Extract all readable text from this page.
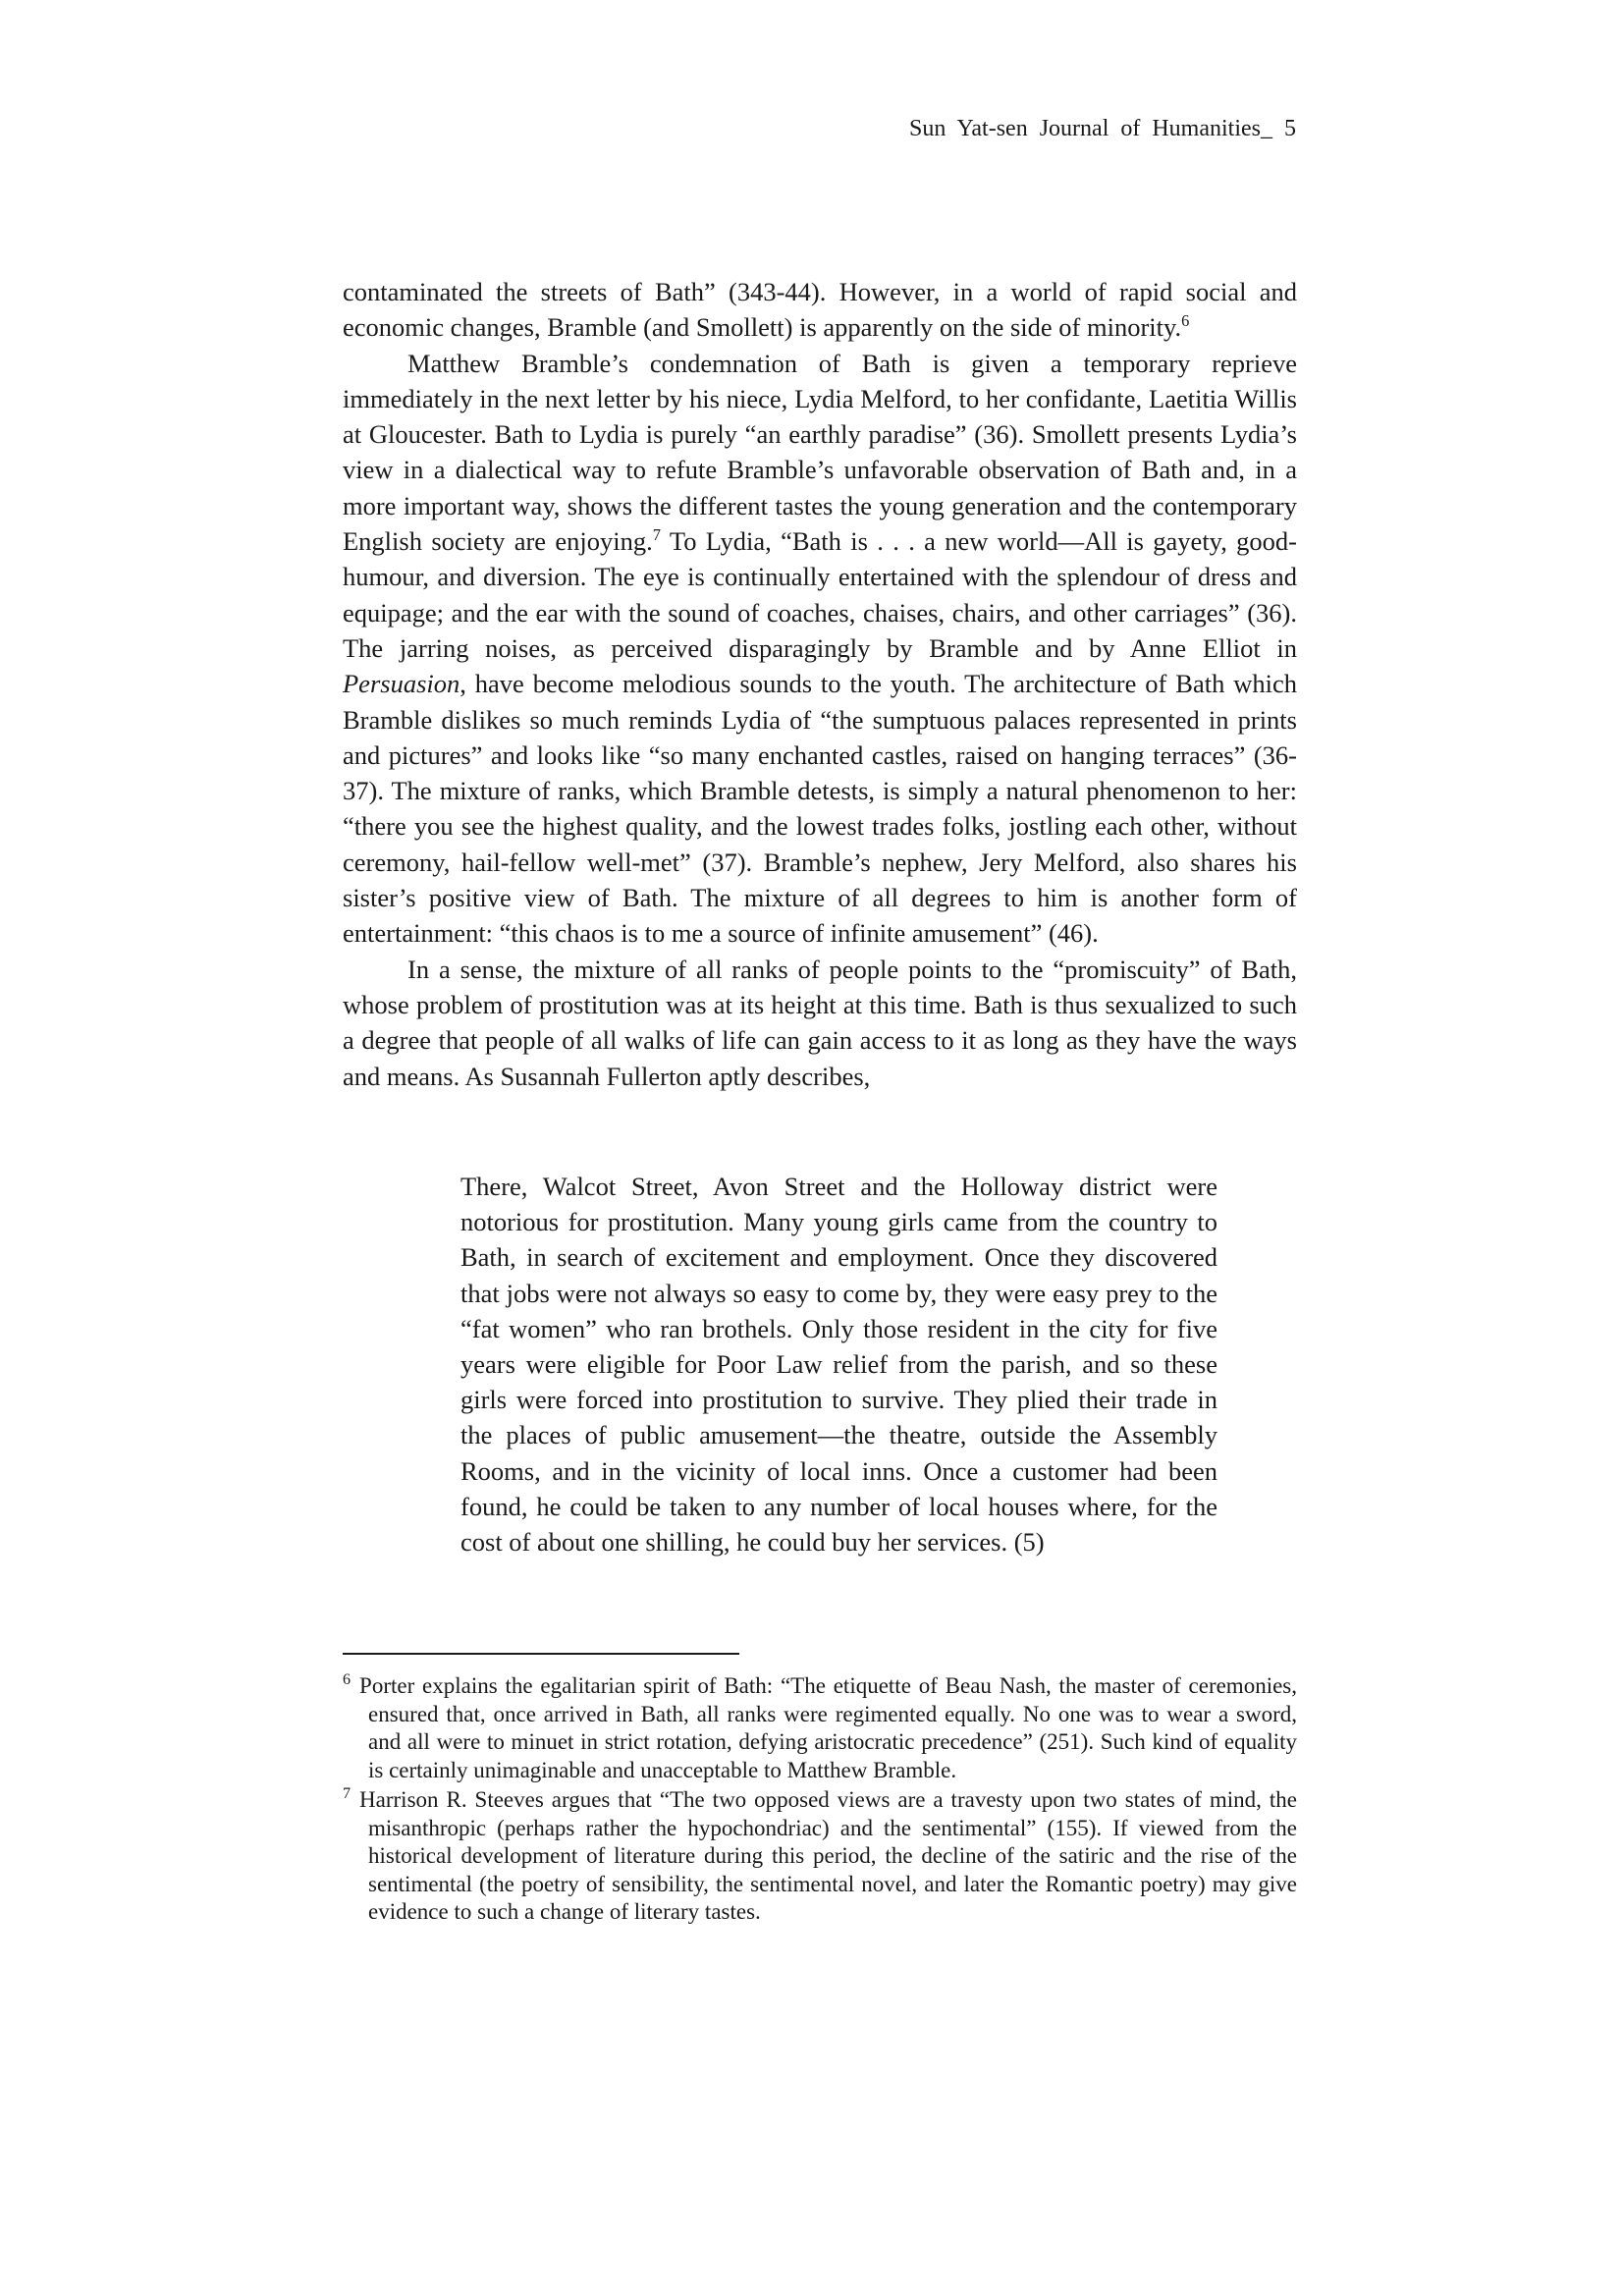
Sun Yat-sen Journal of Humanities_ 5

contaminated the streets of Bath” (343-44). However, in a world of rapid social and economic changes, Bramble (and Smollett) is apparently on the side of minority.$^6$

Matthew Bramble’s condemnation of Bath is given a temporary reprieve immediately in the next letter by his niece, Lydia Melford, to her confidante, Laetitia Willis at Gloucester. Bath to Lydia is purely “an earthly paradise” (36). Smollett presents Lydia’s view in a dialectical way to refute Bramble’s unfavorable observation of Bath and, in a more important way, shows the different tastes the young generation and the contemporary English society are enjoying.$^7$ To Lydia, “Bath is . . . a new world—All is gayety, good-humour, and diversion. The eye is continually entertained with the splendour of dress and equipage; and the ear with the sound of coaches, chaises, chairs, and other carriages” (36). The jarring noises, as perceived disparagingly by Bramble and by Anne Elliot in Persuasion, have become melodious sounds to the youth. The architecture of Bath which Bramble dislikes so much reminds Lydia of “the sumptuous palaces represented in prints and pictures” and looks like “so many enchanted castles, raised on hanging terraces” (36-37). The mixture of ranks, which Bramble detests, is simply a natural phenomenon to her: “there you see the highest quality, and the lowest trades folks, jostling each other, without ceremony, hail-fellow well-met” (37). Bramble’s nephew, Jery Melford, also shares his sister’s positive view of Bath. The mixture of all degrees to him is another form of entertainment: “this chaos is to me a source of infinite amusement” (46).

In a sense, the mixture of all ranks of people points to the “promiscuity” of Bath, whose problem of prostitution was at its height at this time. Bath is thus sexualized to such a degree that people of all walks of life can gain access to it as long as they have the ways and means. As Susannah Fullerton aptly describes,

There, Walcot Street, Avon Street and the Holloway district were notorious for prostitution. Many young girls came from the country to Bath, in search of excitement and employment. Once they discovered that jobs were not always so easy to come by, they were easy prey to the “fat women” who ran brothels. Only those resident in the city for five years were eligible for Poor Law relief from the parish, and so these girls were forced into prostitution to survive. They plied their trade in the places of public amusement—the theatre, outside the Assembly Rooms, and in the vicinity of local inns. Once a customer had been found, he could be taken to any number of local houses where, for the cost of about one shilling, he could buy her services. (5)

$^6$ Porter explains the egalitarian spirit of Bath: “The etiquette of Beau Nash, the master of ceremonies, ensured that, once arrived in Bath, all ranks were regimented equally. No one was to wear a sword, and all were to minuet in strict rotation, defying aristocratic precedence” (251). Such kind of equality is certainly unimaginable and unacceptable to Matthew Bramble.

$^7$ Harrison R. Steeves argues that “The two opposed views are a travesty upon two states of mind, the misanthropic (perhaps rather the hypochondriac) and the sentimental” (155). If viewed from the historical development of literature during this period, the decline of the satiric and the rise of the sentimental (the poetry of sensibility, the sentimental novel, and later the Romantic poetry) may give evidence to such a change of literary tastes.
